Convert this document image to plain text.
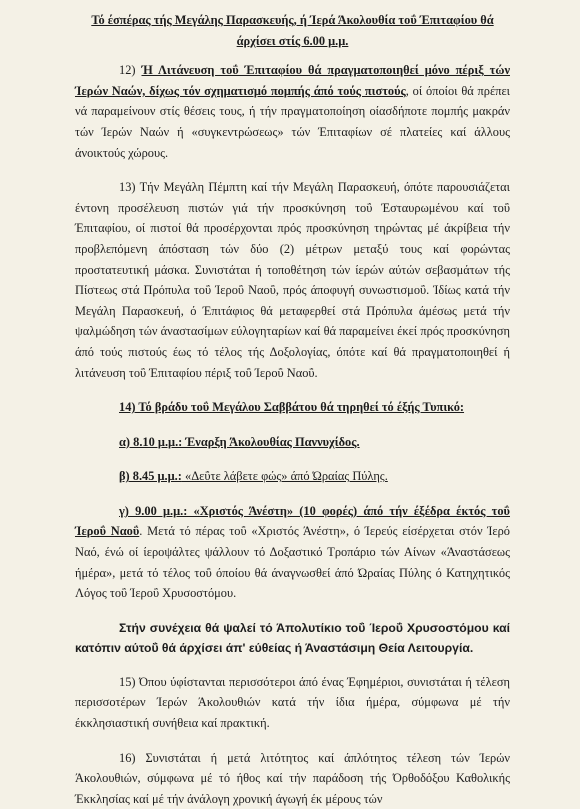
Τό έσπέρας τής Μεγάλης Παρασκευής, ή Ίερά Άκολουθία τοΰ Έπιταφίου θά άρχίσει στίς 6.00 μ.μ.

12) Ή Λιτάνευση τοΰ Έπιταφίου θά πραγματοποιηθεί μόνο πέριξ τών Ίερών Ναών, δίχως τόν σχηματισμό πομπής άπό τούς πιστούς, οί όποίοι θά πρέπει νά παραμείνουν στίς θέσεις τους, ή τήν πραγματοποίηση οίασδήποτε πομπής μακράν τών Ίερών Ναών ή «συγκεντρώσεως» τών Έπιταφίων σέ πλατείες καί άλλους άνοικτούς χώρους.

13) Τήν Μεγάλη Πέμπτη καί τήν Μεγάλη Παρασκευή, όπότε παρουσιάζεται έντονη προσέλευση πιστών γιά τήν προσκύνηση τοΰ Έσταυρωμένου καί τοΰ Έπιταφίου, οί πιστοί θά προσέρχονται πρός προσκύνηση τηρώντας μέ άκρίβεια τήν προβλεπόμενη άπόσταση τών δύο (2) μέτρων μεταξύ τους καί φορώντας προστατευτική μάσκα. Συνιστάται ή τοποθέτηση τών ίερών αύτών σεβασμάτων τής Πίστεως στά Πρόπυλα τοΰ Ίεροΰ Ναοΰ, πρός άποφυγή συνωστισμοΰ. Ίδίως κατά τήν Μεγάλη Παρασκευή, ό Έπιτάφιος θά μεταφερθεί στά Πρόπυλα άμέσως μετά τήν ψαλμώδηση τών άναστασίμων εύλογηταρίων καί θά παραμείνει έκεί πρός προσκύνηση άπό τούς πιστούς έως τό τέλος τής Δοξολογίας, όπότε καί θά πραγματοποιηθεί ή λιτάνευση τοΰ Έπιταφίου πέριξ τοΰ Ίεροΰ Ναοΰ.

14) Τό βράδυ τοΰ Μεγάλου Σαββάτου θά τηρηθεί τό έξής Τυπικό:

α) 8.10 μ.μ.: Έναρξη Άκολουθίας Παννυχίδος.

β) 8.45 μ.μ.: «Δεΰτε λάβετε φώς» άπό Ώραίας Πύλης.

γ) 9.00 μ.μ.: «Χριστός Άνέστη» (10 φορές) άπό τήν έξέδρα έκτός τοΰ Ίεροΰ Ναοΰ. Μετά τό πέρας τοΰ «Χριστός Άνέστη», ό Ίερεύς είσέρχεται στόν Ίερό Ναό, ένώ οί ίεροψάλτες ψάλλουν τό Δοξαστικό Τροπάριο τών Αίνων «Άναστάσεως ήμέρα», μετά τό τέλος τοΰ όποίου θά άναγνωσθεί άπό Ώραίας Πύλης ό Κατηχητικός Λόγος τοΰ Ίεροΰ Χρυσοστόμου.

Στήν συνέχεια θά ψαλεί τό Άπολυτίκιο τοΰ Ίεροΰ Χρυσοστόμου καί κατόπιν αύτοΰ θά άρχίσει άπ' εύθείας ή Άναστάσιμη Θεία Λειτουργία.

15) Όπου ύφίστανται περισσότεροι άπό ένας Έφημέριοι, συνιστάται ή τέλεση περισσοτέρων Ίερών Άκολουθιών κατά τήν ίδια ήμέρα, σύμφωνα μέ τήν έκκλησιαστική συνήθεια καί πρακτική.

16) Συνιστάται ή μετά λιτότητος καί άπλότητος τέλεση τών Ίερών Άκολουθιών, σύμφωνα μέ τό ήθος καί τήν παράδοση τής Όρθοδόξου Καθολικής Έκκλησίας καί μέ τήν άνάλογη χρονική άγωγή έκ μέρους τών
